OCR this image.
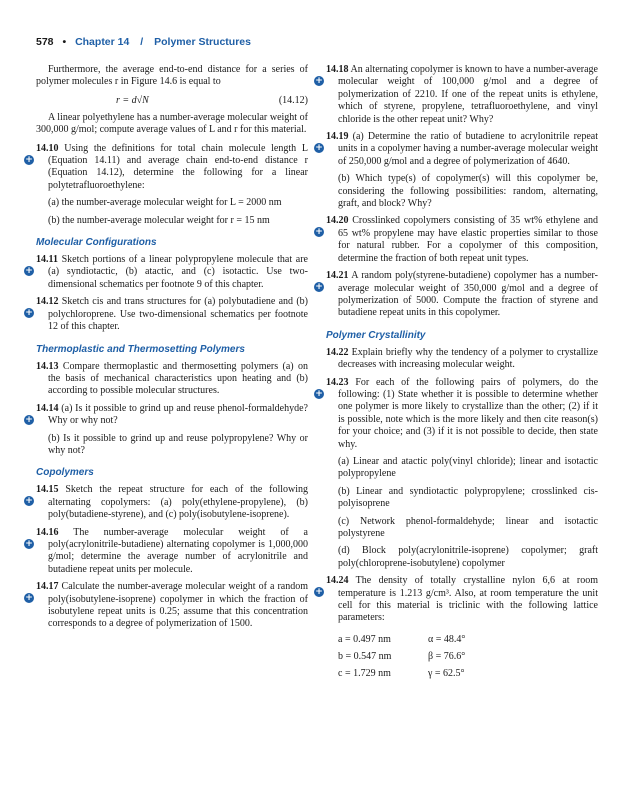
578 • Chapter 14 / Polymer Structures

Furthermore, the average end-to-end distance for a series of polymer molecules r in Figure 14.6 is equal to

r = d√N	(14.12)

A linear polyethylene has a number-average molecular weight of 300,000 g/mol; compute average values of L and r for this material.

+
14.10 Using the definitions for total chain molecule length L (Equation 14.11) and average chain end-to-end distance r (Equation 14.12), determine the following for a linear polytetrafluoroethylene:
(a) the number-average molecular weight for L = 2000 nm
(b) the number-average molecular weight for r = 15 nm
Molecular Configurations
+
14.11 Sketch portions of a linear polypropylene molecule that are (a) syndiotactic, (b) atactic, and (c) isotactic. Use two-dimensional schematics per footnote 9 of this chapter.
+
14.12 Sketch cis and trans structures for (a) polybutadiene and (b) polychloroprene. Use two-dimensional schematics per footnote 12 of this chapter.
Thermoplastic and Thermosetting Polymers
14.13 Compare thermoplastic and thermosetting polymers (a) on the basis of mechanical characteristics upon heating and (b) according to possible molecular structures.
+
14.14 (a) Is it possible to grind up and reuse phenol-formaldehyde? Why or why not?
(b) Is it possible to grind up and reuse polypropylene? Why or why not?
Copolymers
+
14.15 Sketch the repeat structure for each of the following alternating copolymers: (a) poly(ethylene-propylene), (b) poly(butadiene-styrene), and (c) poly(isobutylene-isoprene).
+
14.16 The number-average molecular weight of a poly(acrylonitrile-butadiene) alternating copolymer is 1,000,000 g/mol; determine the average number of acrylonitrile and butadiene repeat units per molecule.
+
14.17 Calculate the number-average molecular weight of a random poly(isobutylene-isoprene) copolymer in which the fraction of isobutylene repeat units is 0.25; assume that this concentration corresponds to a degree of polymerization of 1500.
+
14.18 An alternating copolymer is known to have a number-average molecular weight of 100,000 g/mol and a degree of polymerization of 2210. If one of the repeat units is ethylene, which of styrene, propylene, tetrafluoroethylene, and vinyl chloride is the other repeat unit? Why?
+
14.19 (a) Determine the ratio of butadiene to acrylonitrile repeat units in a copolymer having a number-average molecular weight of 250,000 g/mol and a degree of polymerization of 4640.
(b) Which type(s) of copolymer(s) will this copolymer be, considering the following possibilities: random, alternating, graft, and block? Why?
+
14.20 Crosslinked copolymers consisting of 35 wt% ethylene and 65 wt% propylene may have elastic properties similar to those for natural rubber. For a copolymer of this composition, determine the fraction of both repeat unit types.
+
14.21 A random poly(styrene-butadiene) copolymer has a number-average molecular weight of 350,000 g/mol and a degree of polymerization of 5000. Compute the fraction of styrene and butadiene repeat units in this copolymer.
Polymer Crystallinity
14.22 Explain briefly why the tendency of a polymer to crystallize decreases with increasing molecular weight.
+
14.23 For each of the following pairs of polymers, do the following: (1) State whether it is possible to determine whether one polymer is more likely to crystallize than the other; (2) if it is possible, note which is the more likely and then cite reason(s) for your choice; and (3) if it is not possible to decide, then state why.
(a) Linear and atactic poly(vinyl chloride); linear and isotactic polypropylene
(b) Linear and syndiotactic polypropylene; crosslinked cis-polyisoprene
(c) Network phenol-formaldehyde; linear and isotactic polystyrene
(d) Block poly(acrylonitrile-isoprene) copolymer; graft poly(chloroprene-isobutylene) copolymer
+
14.24 The density of totally crystalline nylon 6,6 at room temperature is 1.213 g/cm³. Also, at room temperature the unit cell for this material is triclinic with the following lattice parameters:
a = 0.497 nm	α = 48.4°
b = 0.547 nm	β = 76.6°
c = 1.729 nm	γ = 62.5°
